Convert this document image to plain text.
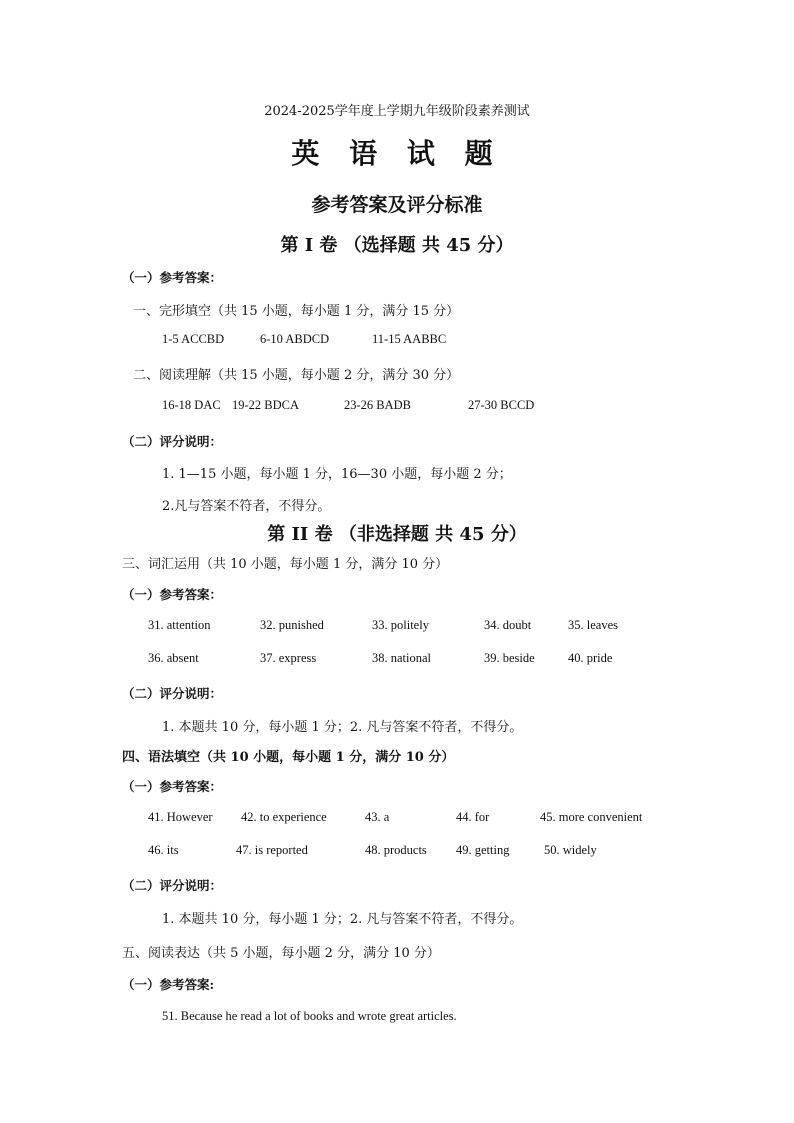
2024-2025学年度上学期九年级阶段素养测试
英 语 试 题
参考答案及评分标准
第 I 卷 （选择题 共 45 分）
（一）参考答案：
一、完形填空（共 15 小题，每小题 1 分，满分 15 分）
1-5 ACCBD	6-10 ABDCD	11-15 AABBC
二、阅读理解（共 15 小题，每小题 2 分，满分 30 分）
16-18 DAC 19-22 BDCA	23-26 BADB	27-30 BCCD
（二）评分说明：
1. 1—15 小题，每小题 1 分，16—30 小题，每小题 2 分；
2.凡与答案不符者，不得分。
第 II 卷 （非选择题 共 45 分）
三、词汇运用（共 10 小题，每小题 1 分，满分 10 分）
（一）参考答案：
31. attention	32. punished	33. politely	34. doubt	35. leaves
36. absent	37. express	38. national	39. beside	40. pride
（二）评分说明：
1. 本题共 10 分，每小题 1 分；2. 凡与答案不符者，不得分。
四、语法填空（共 10 小题，每小题 1 分，满分 10 分）
（一）参考答案：
41. However 42. to experience	43. a	44. for	45. more convenient
46. its	47. is reported	48. products 49. getting	50. widely
（二）评分说明：
1. 本题共 10 分，每小题 1 分；2. 凡与答案不符者，不得分。
五、阅读表达（共 5 小题，每小题 2 分，满分 10 分）
（一）参考答案:
51. Because he read a lot of books and wrote great articles.
